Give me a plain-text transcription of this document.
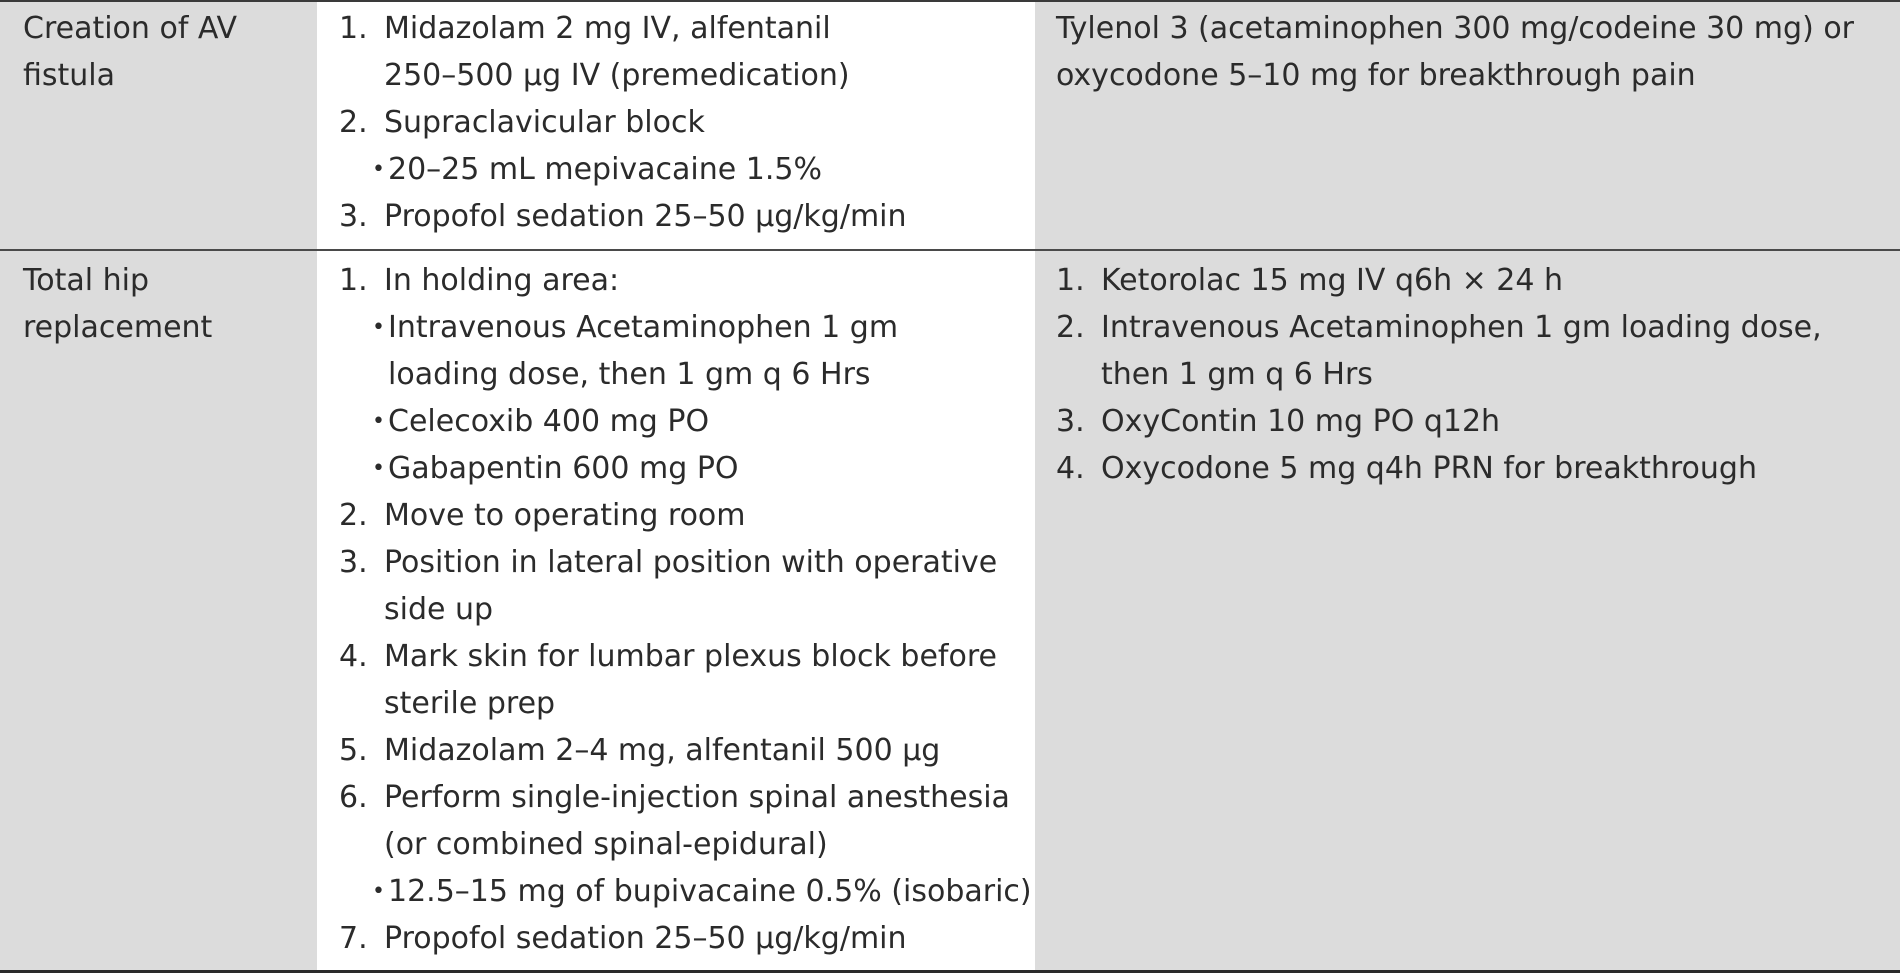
Creation of AV
fistula

1. Midazolam 2 mg IV, alfentanil
250–500 µg IV (premedication)
2. Supraclavicular block
• 20–25 mL mepivacaine 1.5%
3. Propofol sedation 25–50 µg/kg/min
Tylenol 3 (acetaminophen 300 mg/codeine 30 mg) or
oxycodone 5–10 mg for breakthrough pain

Total hip
replacement

1. In holding area:
• Intravenous Acetaminophen 1 gm
loading dose, then 1 gm q 6 Hrs
• Celecoxib 400 mg PO
• Gabapentin 600 mg PO
2. Move to operating room
3. Position in lateral position with operative
side up
4. Mark skin for lumbar plexus block before
sterile prep
5. Midazolam 2–4 mg, alfentanil 500 µg
6. Perform single-injection spinal anesthesia
(or combined spinal-epidural)
• 12.5–15 mg of bupivacaine 0.5% (isobaric)
7. Propofol sedation 25–50 µg/kg/min
1. Ketorolac 15 mg IV q6h × 24 h
2. Intravenous Acetaminophen 1 gm loading dose,
then 1 gm q 6 Hrs
3. OxyContin 10 mg PO q12h
4. Oxycodone 5 mg q4h PRN for breakthrough
